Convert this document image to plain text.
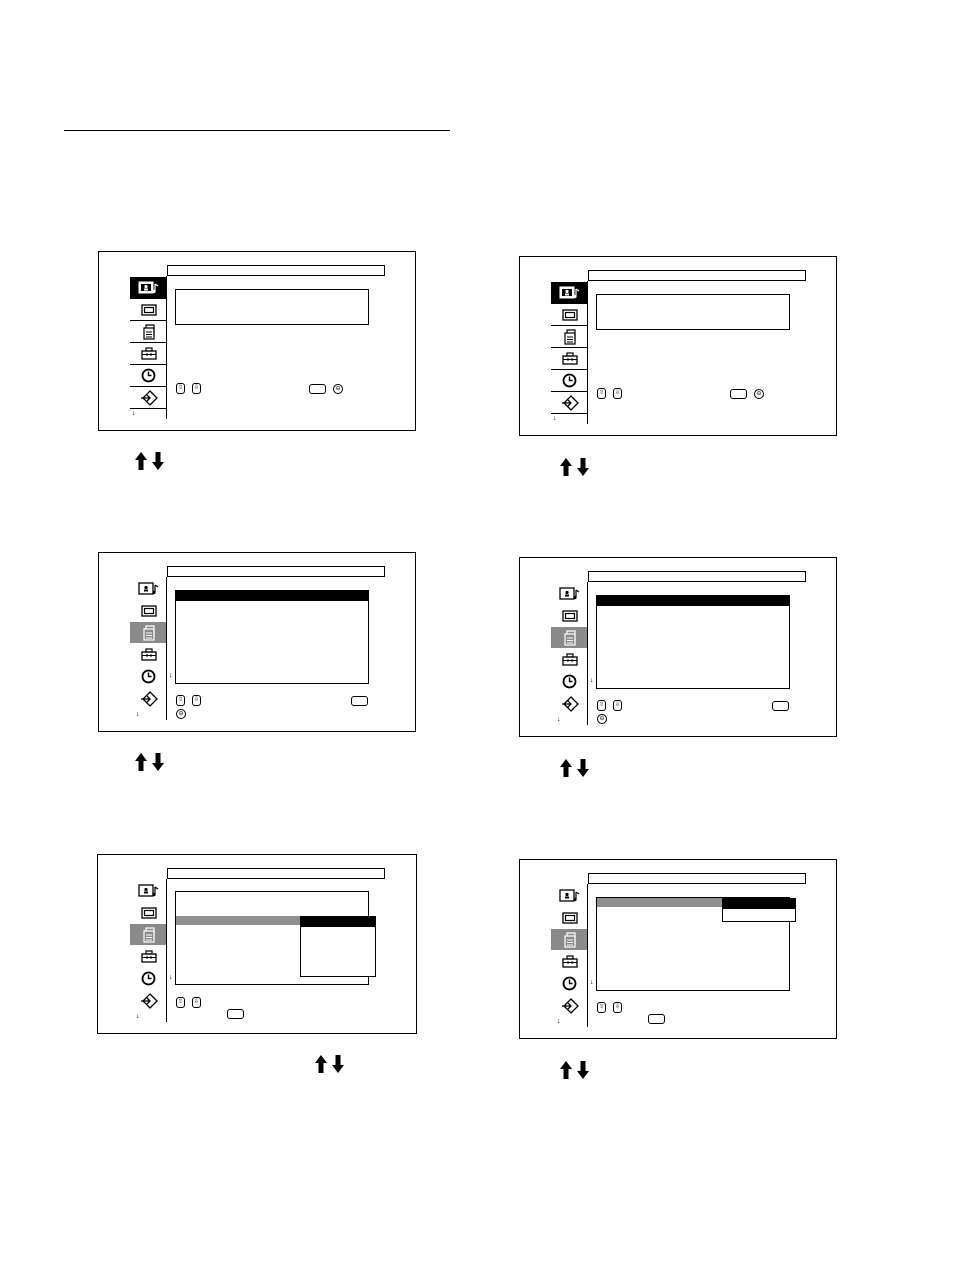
↓
⇧	⇩	⊖
↓
⇧	⇩	⊖
↓
↓
⇧	⇩
⊖
↓
↓
⇧	⇩
⊖
↓
↓
⇧	⇩
↓
↓
⇧	⇩
